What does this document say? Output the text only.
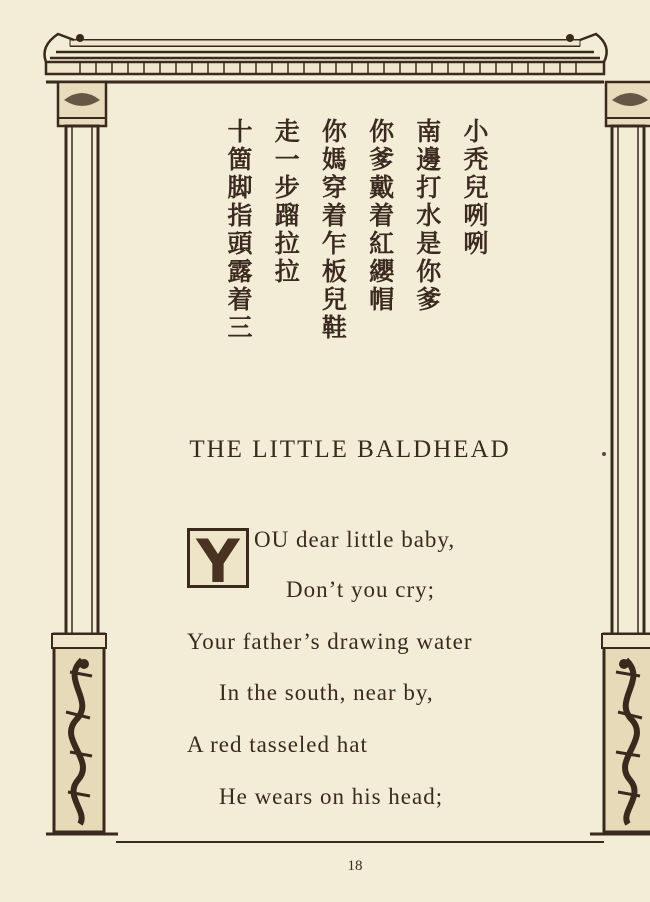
小秃兒咧咧
南邊打水是你爹
你爹戴着紅纓帽
你媽穿着乍板兒鞋
走一步蹓拉拉
十箇脚指頭露着三
THE LITTLE BALDHEAD
Y OU dear little baby,
Don’t you cry;
Your father’s drawing water
In the south, near by,
A red tasseled hat
He wears on his head;
18
